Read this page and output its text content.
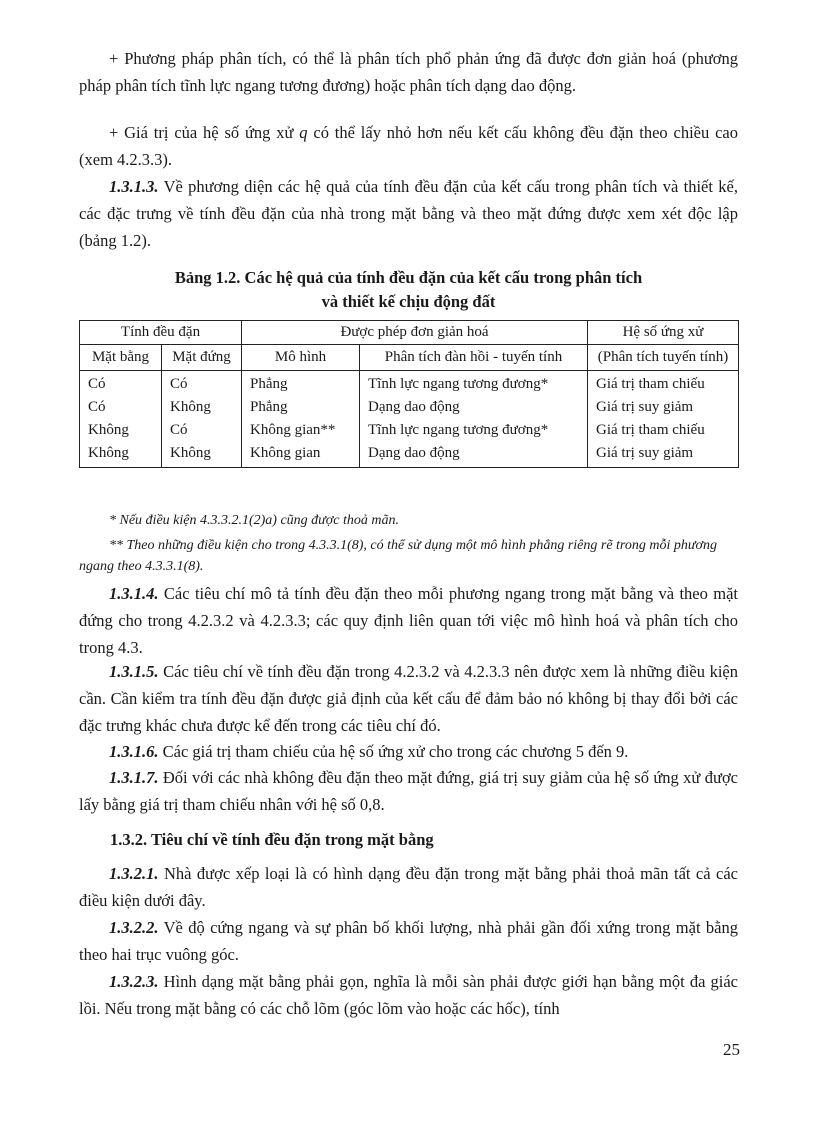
+ Phương pháp phân tích, có thể là phân tích phổ phản ứng đã được đơn giản hoá (phương pháp phân tích tĩnh lực ngang tương đương) hoặc phân tích dạng dao động.

+ Giá trị của hệ số ứng xử q có thể lấy nhỏ hơn nếu kết cấu không đều đặn theo chiều cao (xem 4.2.3.3).

1.3.1.3. Về phương diện các hệ quả của tính đều đặn của kết cấu trong phân tích và thiết kế, các đặc trưng về tính đều đặn của nhà trong mặt bằng và theo mặt đứng được xem xét độc lập (bảng 1.2).

Bảng 1.2. Các hệ quả của tính đều đặn của kết cấu trong phân tích
và thiết kế chịu động đất
Tính đều đặn		Được phép đơn giản hoá		Hệ số ứng xử
Mặt bằng	Mặt đứng	Mô hình	Phân tích đàn hồi - tuyến tính	(Phân tích tuyến tính)
Có	Có	Phẳng	Tĩnh lực ngang tương đương*	Giá trị tham chiếu
Có	Không	Phẳng	Dạng dao động	Giá trị suy giảm
Không	Có	Không gian**	Tĩnh lực ngang tương đương*	Giá trị tham chiếu
Không	Không	Không gian	Dạng dao động	Giá trị suy giảm

* Nếu điều kiện 4.3.3.2.1(2)a) cũng được thoả mãn.

** Theo những điều kiện cho trong 4.3.3.1(8), có thể sử dụng một mô hình phẳng riêng rẽ trong mỗi phương ngang theo 4.3.3.1(8).

1.3.1.4. Các tiêu chí mô tả tính đều đặn theo mỗi phương ngang trong mặt bằng và theo mặt đứng cho trong 4.2.3.2 và 4.2.3.3; các quy định liên quan tới việc mô hình hoá và phân tích cho trong 4.3.

1.3.1.5. Các tiêu chí về tính đều đặn trong 4.2.3.2 và 4.2.3.3 nên được xem là những điều kiện cần. Cần kiểm tra tính đều đặn được giả định của kết cấu để đảm bảo nó không bị thay đổi bởi các đặc trưng khác chưa được kể đến trong các tiêu chí đó.

1.3.1.6. Các giá trị tham chiếu của hệ số ứng xử cho trong các chương 5 đến 9.

1.3.1.7. Đối với các nhà không đều đặn theo mặt đứng, giá trị suy giảm của hệ số ứng xử được lấy bằng giá trị tham chiếu nhân với hệ số 0,8.

1.3.2. Tiêu chí về tính đều đặn trong mặt bằng

1.3.2.1. Nhà được xếp loại là có hình dạng đều đặn trong mặt bằng phải thoả mãn tất cả các điều kiện dưới đây.

1.3.2.2. Về độ cứng ngang và sự phân bố khối lượng, nhà phải gần đối xứng trong mặt bằng theo hai trục vuông góc.

1.3.2.3. Hình dạng mặt bằng phải gọn, nghĩa là mỗi sàn phải được giới hạn bằng một đa giác lồi. Nếu trong mặt bằng có các chỗ lõm (góc lõm vào hoặc các hốc), tính

25
